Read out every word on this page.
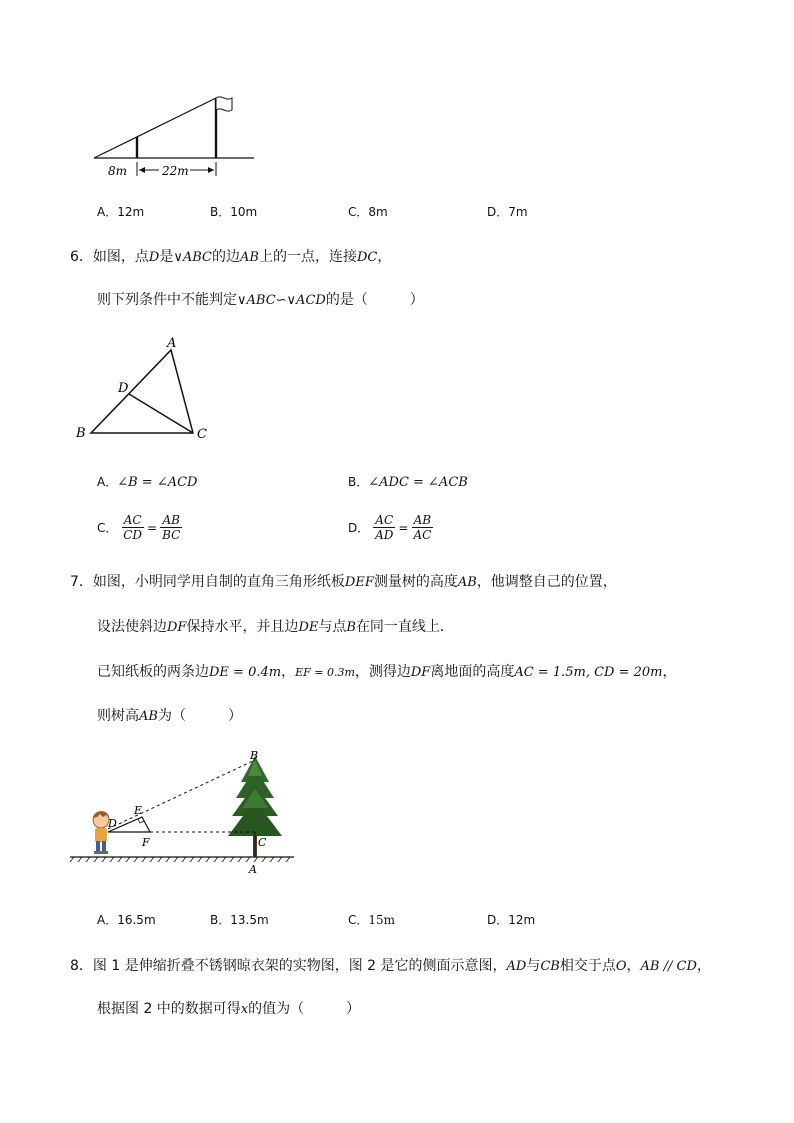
8m	22m
A．12m	B．10m	C．8m	D．7m
6．如图，点D是∨ABC的边AB上的一点，连接DC，
则下列条件中不能判定∨ABC∽∨ACD的是（　　　）
A
B	C
D
A．∠B = ∠ACD	B．∠ADC = ∠ACB
C． $\frac{AC}{CD} = \frac{AB}{BC}$	D． $\frac{AC}{AD} = \frac{AB}{AC}$
7．如图，小明同学用自制的直角三角形纸板DEF测量树的高度AB，他调整自己的位置，
设法使斜边DF保持水平，并且边DE与点B在同一直线上．
已知纸板的两条边DE = 0.4m，EF = 0.3m，测得边DF离地面的高度AC = 1.5m, CD = 20m，
则树高AB为（　　　）
B
E
D
F	C
A
A．16.5m	B．13.5m	C．15m	D．12m
8．图 1 是伸缩折叠不锈钢晾衣架的实物图，图 2 是它的侧面示意图，AD与CB相交于点O，AB // CD，
根据图 2 中的数据可得x的值为（　　　）
